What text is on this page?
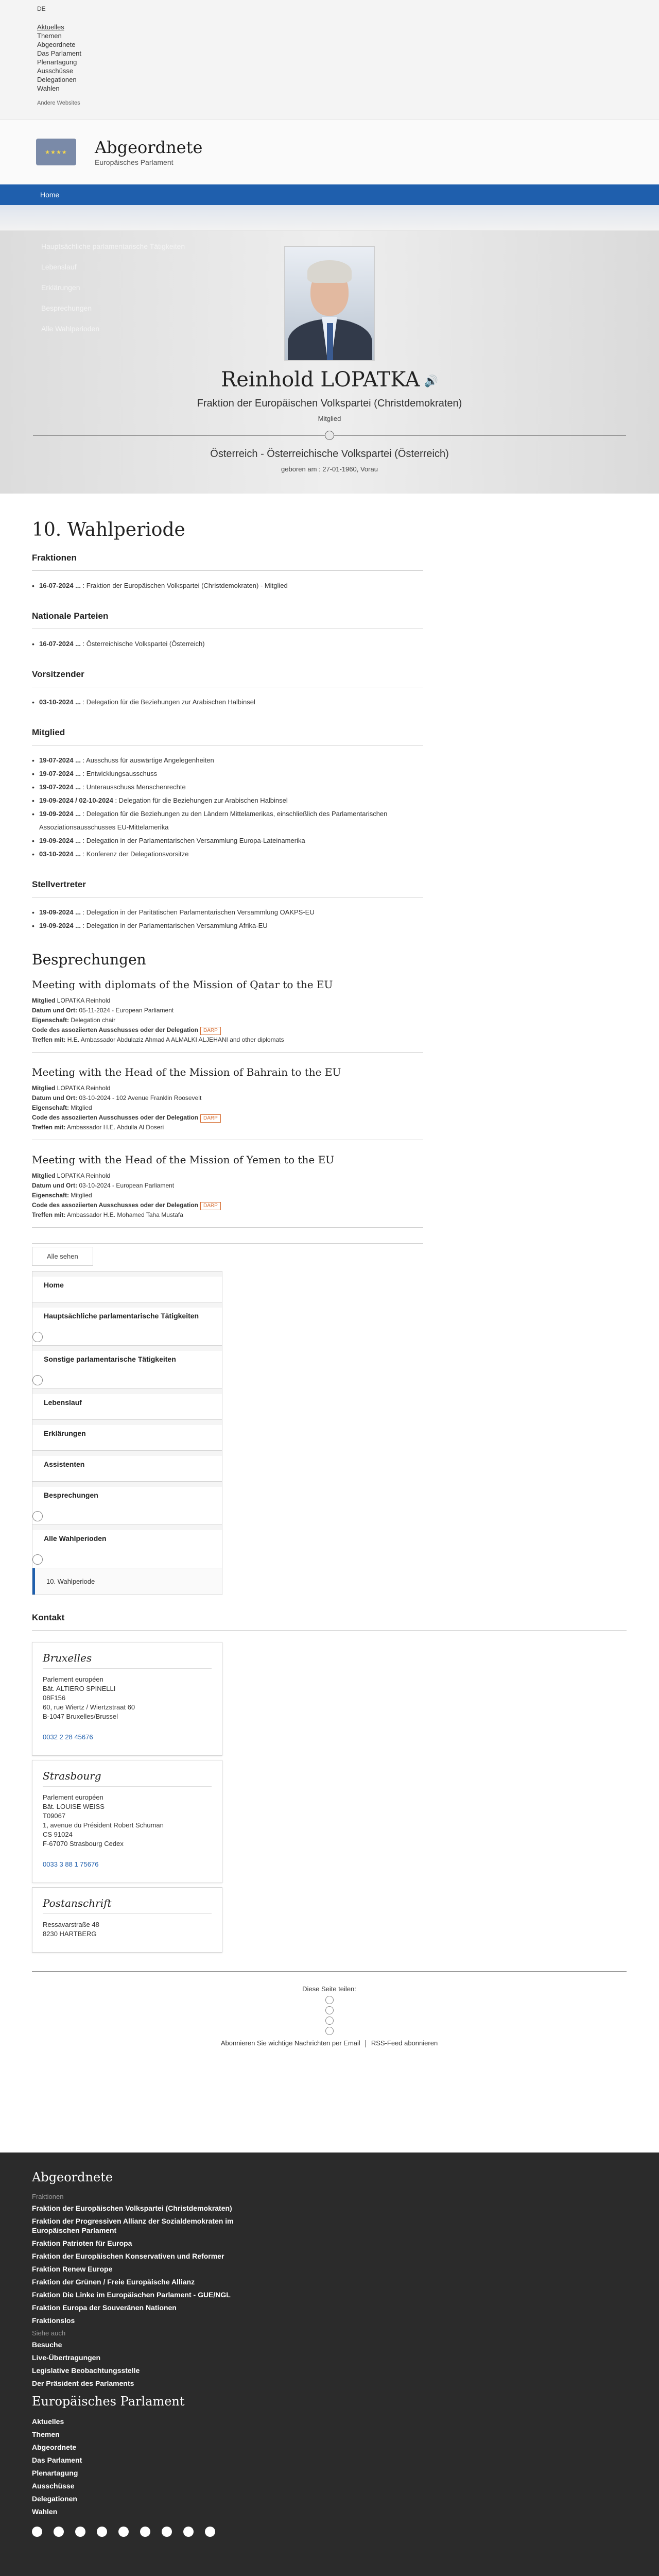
DE
Aktuelles
Themen
Abgeordnete
Das Parlament
Plenartagung
Ausschüsse
Delegationen
Wahlen
Andere Websites
★★★★ Abgeordnete
Europäisches Parlament
Home
Hauptsächliche parlamentarische Tätigkeiten
Lebenslauf
Erklärungen
Besprechungen
Alle Wahlperioden
Reinhold LOPATKA 🔊
Fraktion der Europäischen Volkspartei (Christdemokraten)
Mitglied
Österreich - Österreichische Volkspartei (Österreich)
geboren am : 27-01-1960, Vorau
10. Wahlperiode
Fraktionen
• 16-07-2024 ... : Fraktion der Europäischen Volkspartei (Christdemokraten) - Mitglied
Nationale Parteien
• 16-07-2024 ... : Österreichische Volkspartei (Österreich)
Vorsitzender
• 03-10-2024 ... : Delegation für die Beziehungen zur Arabischen Halbinsel
Mitglied
• 19-07-2024 ... : Ausschuss für auswärtige Angelegenheiten
• 19-07-2024 ... : Entwicklungsausschuss
• 19-07-2024 ... : Unterausschuss Menschenrechte
• 19-09-2024 / 02-10-2024 : Delegation für die Beziehungen zur Arabischen Halbinsel
• 19-09-2024 ... : Delegation für die Beziehungen zu den Ländern Mittelamerikas, einschließlich des Parlamentarischen Assoziationsausschusses EU-Mittelamerika
• 19-09-2024 ... : Delegation in der Parlamentarischen Versammlung Europa-Lateinamerika
• 03-10-2024 ... : Konferenz der Delegationsvorsitze
Stellvertreter
• 19-09-2024 ... : Delegation in der Paritätischen Parlamentarischen Versammlung OAKPS-EU
• 19-09-2024 ... : Delegation in der Parlamentarischen Versammlung Afrika-EU
Besprechungen
Meeting with diplomats of the Mission of Qatar to the EU

Mitglied LOPATKA Reinhold

Datum und Ort: 05-11-2024 - European Parliament

Eigenschaft: Delegation chair

Code des assoziierten Ausschusses oder der Delegation DARP

Treffen mit: H.E. Ambassador Abdulaziz Ahmad A ALMALKI ALJEHANI and other diplomats

Meeting with the Head of the Mission of Bahrain to the EU

Mitglied LOPATKA Reinhold

Datum und Ort: 03-10-2024 - 102 Avenue Franklin Roosevelt

Eigenschaft: Mitglied

Code des assoziierten Ausschusses oder der Delegation DARP

Treffen mit: Ambassador H.E. Abdulla Al Doseri

Meeting with the Head of the Mission of Yemen to the EU

Mitglied LOPATKA Reinhold

Datum und Ort: 03-10-2024 - European Parliament

Eigenschaft: Mitglied

Code des assoziierten Ausschusses oder der Delegation DARP

Treffen mit: Ambassador H.E. Mohamed Taha Mustafa

Alle sehen
Home
Hauptsächliche parlamentarische Tätigkeiten
Sonstige parlamentarische Tätigkeiten
Lebenslauf
Erklärungen
Assistenten
Besprechungen
Alle Wahlperioden
10. Wahlperiode
Kontakt
Bruxelles

Parlement européen

Bât. ALTIERO SPINELLI

08F156

60, rue Wiertz / Wiertzstraat 60

B-1047 Bruxelles/Brussel

0032 2 28 45676

Strasbourg

Parlement européen

Bât. LOUISE WEISS

T09067

1, avenue du Président Robert Schuman

CS 91024

F-67070 Strasbourg Cedex

0033 3 88 1 75676

Postanschrift

Ressavarstraße 48

8230 HARTBERG

Diese Seite teilen:
Abonnieren Sie wichtige Nachrichten per Email RSS-Feed abonnieren
Abgeordnete
Fraktionen
Fraktion der Europäischen Volkspartei (Christdemokraten)
Fraktion der Progressiven Allianz der Sozialdemokraten im Europäischen Parlament
Fraktion Patrioten für Europa
Fraktion der Europäischen Konservativen und Reformer
Fraktion Renew Europe
Fraktion der Grünen / Freie Europäische Allianz
Fraktion Die Linke im Europäischen Parlament - GUE/NGL
Fraktion Europa der Souveränen Nationen
Fraktionslos
Siehe auch
Besuche
Live-Übertragungen
Legislative Beobachtungsstelle
Der Präsident des Parlaments
Europäisches Parlament
Aktuelles
Themen
Abgeordnete
Das Parlament
Plenartagung
Ausschüsse
Delegationen
Wahlen
